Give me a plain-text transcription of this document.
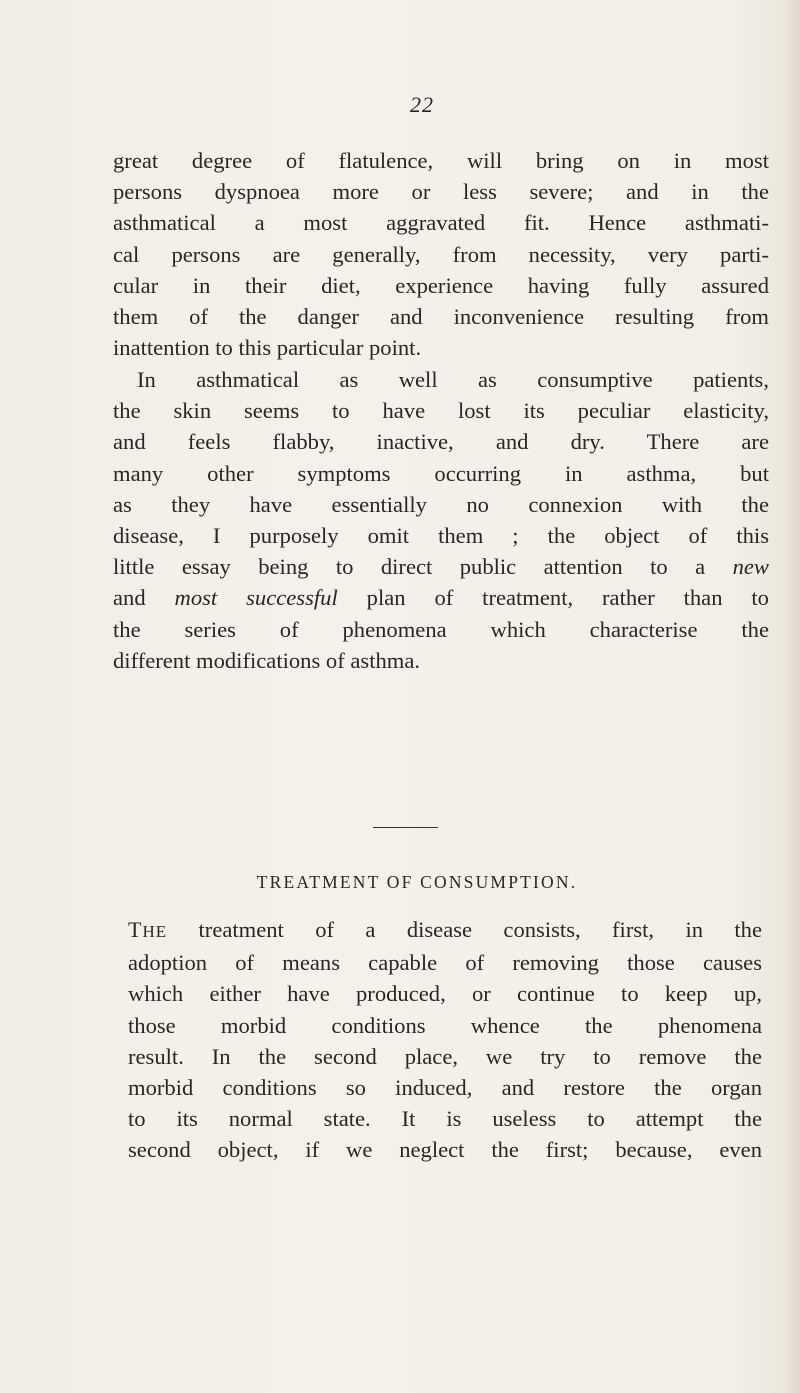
22
great degree of flatulence, will bring on in most
persons dyspnoea more or less severe; and in the
asthmatical a most aggravated fit. Hence asthmati-
cal persons are generally, from necessity, very parti-
cular in their diet, experience having fully assured
them of the danger and inconvenience resulting from
inattention to this particular point.
In asthmatical as well as consumptive patients,
the skin seems to have lost its peculiar elasticity,
and feels flabby, inactive, and dry. There are
many other symptoms occurring in asthma, but
as they have essentially no connexion with the
disease, I purposely omit them ; the object of this
little essay being to direct public attention to a new
and most successful plan of treatment, rather than to
the series of phenomena which characterise the
different modifications of asthma.
TREATMENT OF CONSUMPTION.
THE treatment of a disease consists, first, in the
adoption of means capable of removing those causes
which either have produced, or continue to keep up,
those morbid conditions whence the phenomena
result. In the second place, we try to remove the
morbid conditions so induced, and restore the organ
to its normal state. It is useless to attempt the
second object, if we neglect the first; because, even
